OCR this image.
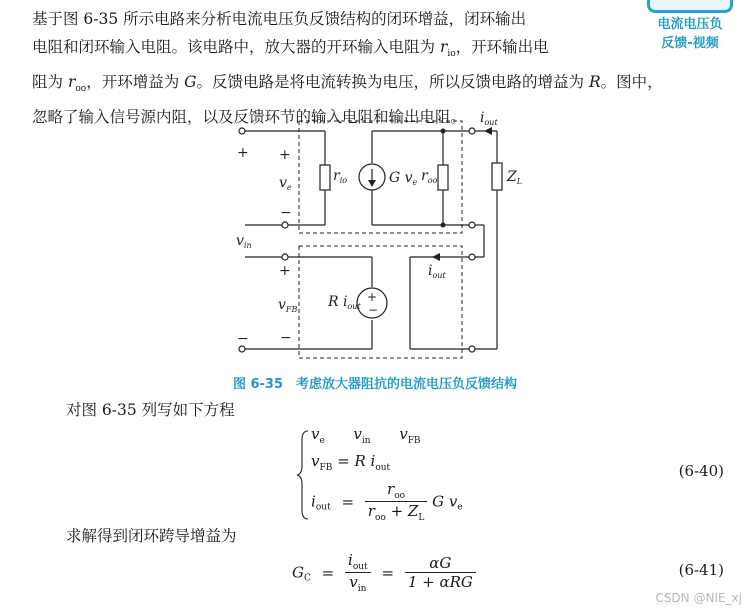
基于图 6-35 所示电路来分析电流电压负反馈结构的闭环增益，闭环输出
电阻和闭环输入电阻。该电路中，放大器的开环输入电阻为 $r_{io}$，开环输出电
阻为 $r_{oo}$，开环增益为 G。反馈电路是将电流转换为电压，所以反馈电路的增益为 R。图中，
忽略了输入信号源内阻，以及反馈环节的输入电阻和输出电阻。
电流电压负
反馈-视频
+
−
+
−
+
−
$v_e$
$v_{in}$
$v_{FB}$
$r_{io}$	$r_{oo}$
G $v_e$
R $i_{out}$
$i_{out}$
$i_{out}$
$Z_L$
+
−
图 6-35　考虑放大器阻抗的电流电压负反馈结构
对图 6-35 列写如下方程
$v_e$ $v_{in}$ $v_{FB}$
$v_{FB} = R$ $i_{out}$
$i_{out} = \frac{r_{oo}}{r_{oo} + Z_L}$ G $v_e$
(6-40)
求解得到闭环跨导增益为
$G_C = \frac{i_{out}}{v_{in}} = \frac{\alpha G}{\text{1 + αRG}}$	(6-41)
CSDN @NIE_xj
